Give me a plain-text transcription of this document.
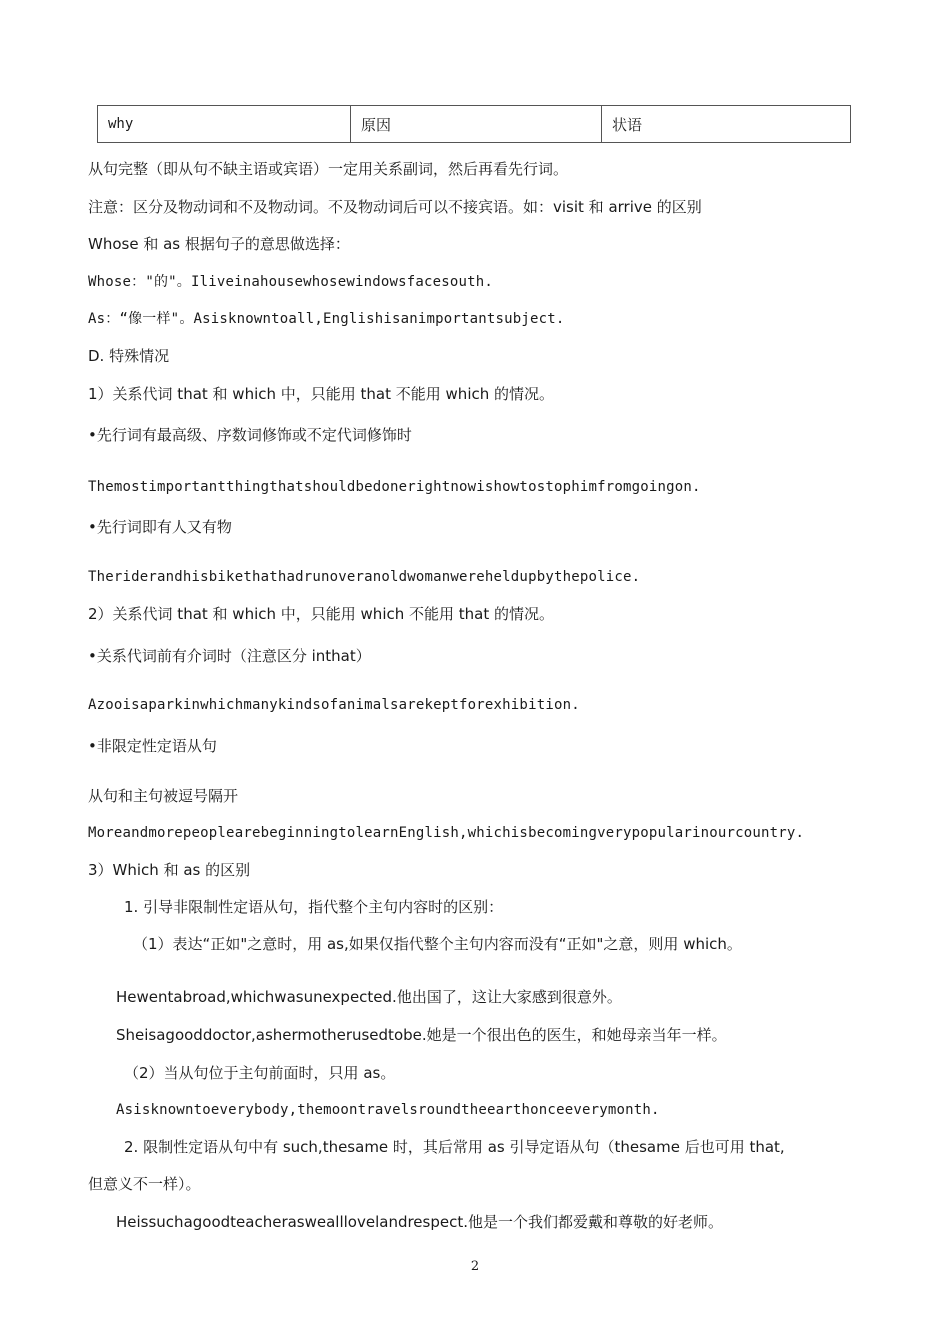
why	原因	状语
从句完整（即从句不缺主语或宾语）一定用关系副词，然后再看先行词。
注意：区分及物动词和不及物动词。不及物动词后可以不接宾语。如：visit 和 arrive 的区别
Whose 和 as 根据句子的意思做选择：
Whose："的"。Iliveinahousewhosewindowsfacesouth.
As：“像一样"。Asisknowntoall,Englishisanimportantsubject.
D. 特殊情况
1）关系代词 that 和 which 中，只能用 that 不能用 which 的情况。
•先行词有最高级、序数词修饰或不定代词修饰时
Themostimportantthingthatshouldbedonerightnowishowtostophimfromgoingon.
•先行词即有人又有物
Theriderandhisbikethathadrunoveranoldwomanwereheldupbythepolice.
2）关系代词 that 和 which 中，只能用 which 不能用 that 的情况。
•关系代词前有介词时（注意区分 inthat）
Azooisaparkinwhichmanykindsofanimalsarekeptforexhibition.
•非限定性定语从句
从句和主句被逗号隔开
MoreandmorepeoplearebeginningtolearnEnglish,whichisbecomingverypopularinourcountry.
3）Which 和 as 的区别
1. 引导非限制性定语从句，指代整个主句内容时的区别：
（1）表达“正如"之意时，用 as,如果仅指代整个主句内容而没有“正如"之意，则用 which。
Hewentabroad,whichwasunexpected.他出国了，这让大家感到很意外。
Sheisagooddoctor,ashermotherusedtobe.她是一个很出色的医生，和她母亲当年一样。
（2）当从句位于主句前面时，只用 as。
Asisknowntoeverybody,themoontravelsroundtheearthonceeverymonth.
2. 限制性定语从句中有 such,thesame 时，其后常用 as 引导定语从句（thesame 后也可用 that,
但意义不一样）。
Heissuchagoodteacheraswealllovelandrespect.他是一个我们都爱戴和尊敬的好老师。
2
